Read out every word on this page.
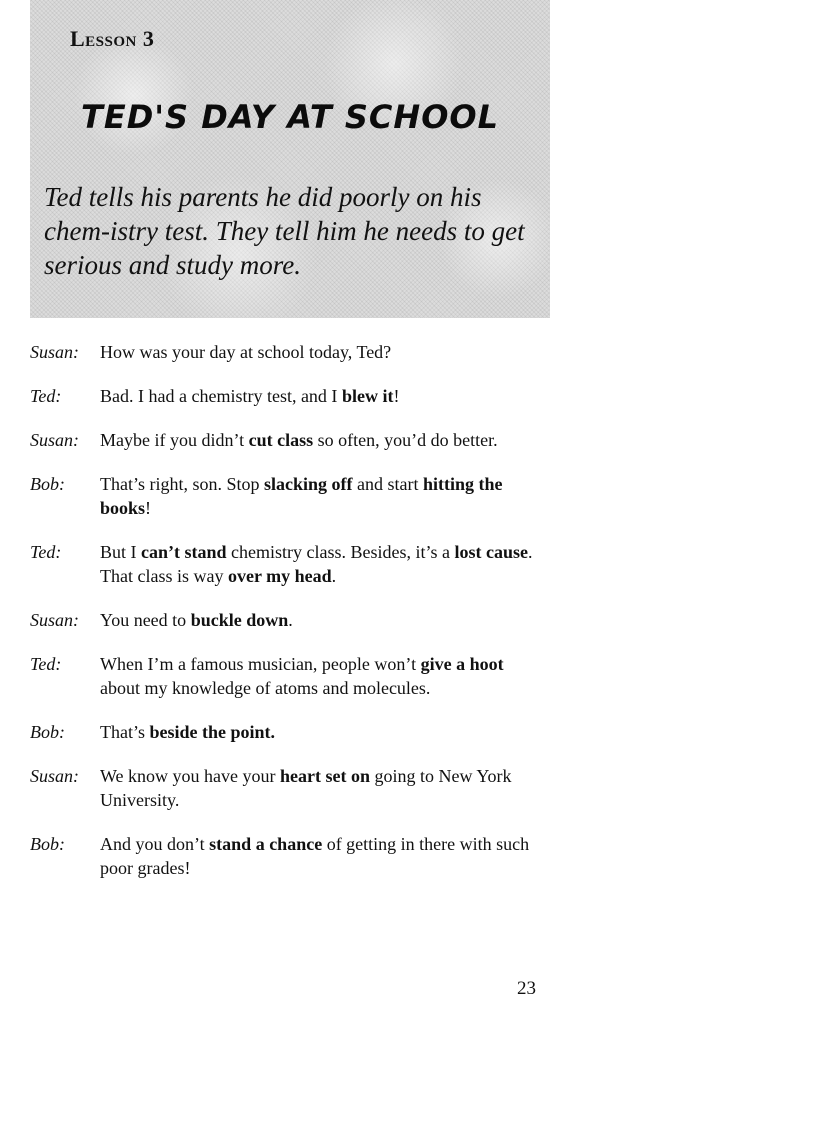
Lesson 3
TED'S DAY AT SCHOOL
Ted tells his parents he did poorly on his chem-istry test. They tell him he needs to get serious and study more.
Susan:	How was your day at school today, Ted?
Ted:	Bad. I had a chemistry test, and I blew it!
Susan:	Maybe if you didn’t cut class so often, you’d do better.
Bob:	That’s right, son. Stop slacking off and start hitting the books!
Ted:	But I can’t stand chemistry class. Besides, it’s a lost cause. That class is way over my head.
Susan:	You need to buckle down.
Ted:	When I’m a famous musician, people won’t give a hoot about my knowledge of atoms and molecules.
Bob:	That’s beside the point.
Susan:	We know you have your heart set on going to New York University.
Bob:	And you don’t stand a chance of getting in there with such poor grades!
23
